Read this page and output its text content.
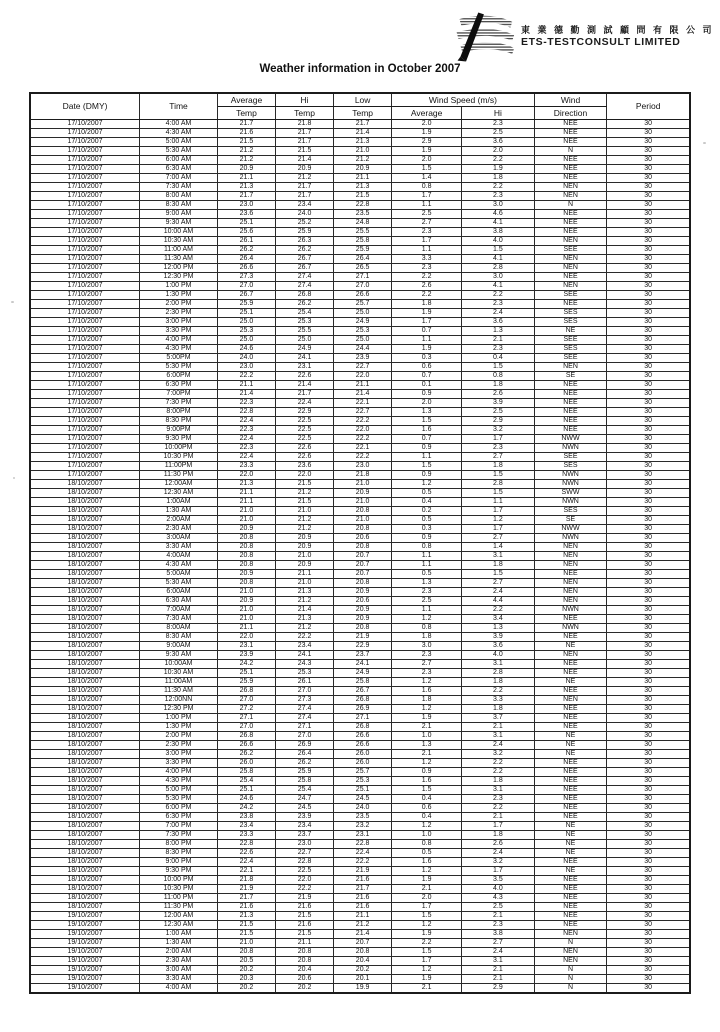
東 業 德 勤 測 試 顧 問 有 限 公 司
ETS-TESTCONSULT LIMITED
Weather information in October 2007
Date (DMY)	Time	Average	Hi	Low	Wind Speed (m/s)		Wind	Period
		Temp	Temp	Temp	Average	Hi	Direction	
17/10/2007	4:00 AM	21.7	21.8	21.7	2.0	2.3	NEE	30
17/10/2007	4:30 AM	21.6	21.7	21.4	1.9	2.5	NEE	30
17/10/2007	5:00 AM	21.5	21.7	21.3	2.9	3.6	NEE	30
17/10/2007	5:30 AM	21.2	21.5	21.0	1.9	2.0	N	30
17/10/2007	6:00 AM	21.2	21.4	21.2	2.0	2.2	NEE	30
17/10/2007	6:30 AM	20.9	20.9	20.9	1.5	1.9	NEE	30
17/10/2007	7:00 AM	21.1	21.2	21.1	1.4	1.8	NEE	30
17/10/2007	7:30 AM	21.3	21.7	21.3	0.8	2.2	NEN	30
17/10/2007	8:00 AM	21.7	21.7	21.5	1.7	2.3	NEN	30
17/10/2007	8:30 AM	23.0	23.4	22.8	1.1	3.0	N	30
17/10/2007	9:00 AM	23.6	24.0	23.5	2.5	4.6	NEE	30
17/10/2007	9:30 AM	25.1	25.2	24.8	2.7	4.1	NEE	30
17/10/2007	10:00 AM	25.6	25.9	25.5	2.3	3.8	NEE	30
17/10/2007	10:30 AM	26.1	26.3	25.8	1.7	4.0	NEN	30
17/10/2007	11:00 AM	26.2	26.2	25.9	1.1	1.5	SEE	30
17/10/2007	11:30 AM	26.4	26.7	26.4	3.3	4.1	NEN	30
17/10/2007	12:00 PM	26.6	26.7	26.5	2.3	2.8	NEN	30
17/10/2007	12:30 PM	27.3	27.4	27.1	2.2	3.0	NEE	30
17/10/2007	1:00 PM	27.0	27.4	27.0	2.6	4.1	NEN	30
17/10/2007	1:30 PM	26.7	26.8	26.6	2.2	2.2	SEE	30
17/10/2007	2:00 PM	25.9	26.2	25.7	1.8	2.3	NEE	30
17/10/2007	2:30 PM	25.1	25.4	25.0	1.9	2.4	SES	30
17/10/2007	3:00 PM	25.0	25.3	24.9	1.7	3.6	SES	30
17/10/2007	3:30 PM	25.3	25.5	25.3	0.7	1.3	NE	30
17/10/2007	4:00 PM	25.0	25.0	25.0	1.1	2.1	SEE	30
17/10/2007	4:30 PM	24.6	24.9	24.4	1.9	2.3	SES	30
17/10/2007	5:00PM	24.0	24.1	23.9	0.3	0.4	SEE	30
17/10/2007	5:30 PM	23.0	23.1	22.7	0.6	1.5	NEN	30
17/10/2007	6:00PM	22.2	22.6	22.0	0.7	0.8	SE	30
17/10/2007	6:30 PM	21.1	21.4	21.1	0.1	1.8	NEE	30
17/10/2007	7:00PM	21.4	21.7	21.4	0.9	2.6	NEE	30
17/10/2007	7:30 PM	22.3	22.4	22.1	2.0	3.9	NEE	30
17/10/2007	8:00PM	22.8	22.9	22.7	1.3	2.5	NEE	30
17/10/2007	8:30 PM	22.4	22.5	22.2	1.5	2.9	NEE	30
17/10/2007	9:00PM	22.3	22.5	22.0	1.6	3.2	NEE	30
17/10/2007	9:30 PM	22.4	22.5	22.2	0.7	1.7	NWW	30
17/10/2007	10:00PM	22.3	22.6	22.1	0.9	2.3	NWN	30
17/10/2007	10:30 PM	22.4	22.6	22.2	1.1	2.7	SEE	30
17/10/2007	11:00PM	23.3	23.6	23.0	1.5	1.8	SES	30
17/10/2007	11:30 PM	22.0	22.0	21.8	0.9	1.5	NWN	30
18/10/2007	12:00AM	21.3	21.5	21.0	1.2	2.8	NWN	30
18/10/2007	12:30 AM	21.1	21.2	20.9	0.5	1.5	SWW	30
18/10/2007	1:00AM	21.1	21.5	21.0	0.4	1.1	NWN	30
18/10/2007	1:30 AM	21.0	21.0	20.8	0.2	1.7	SES	30
18/10/2007	2:00AM	21.0	21.2	21.0	0.5	1.2	SE	30
18/10/2007	2:30 AM	20.9	21.2	20.8	0.3	1.7	NWW	30
18/10/2007	3:00AM	20.8	20.9	20.6	0.9	2.7	NWN	30
18/10/2007	3:30 AM	20.8	20.9	20.8	0.8	1.4	NEN	30
18/10/2007	4:00AM	20.8	21.0	20.7	1.1	3.1	NEN	30
18/10/2007	4:30 AM	20.8	20.9	20.7	1.1	1.8	NEN	30
18/10/2007	5:00AM	20.9	21.1	20.7	0.5	1.5	NEE	30
18/10/2007	5:30 AM	20.8	21.0	20.8	1.3	2.7	NEN	30
18/10/2007	6:00AM	21.0	21.3	20.9	2.3	2.4	NEN	30
18/10/2007	6:30 AM	20.9	21.2	20.6	2.5	4.4	NEN	30
18/10/2007	7:00AM	21.0	21.4	20.9	1.1	2.2	NWN	30
18/10/2007	7:30 AM	21.0	21.3	20.9	1.2	3.4	NEE	30
18/10/2007	8:00AM	21.1	21.2	20.8	0.8	1.3	NWN	30
18/10/2007	8:30 AM	22.0	22.2	21.9	1.8	3.9	NEE	30
18/10/2007	9:00AM	23.1	23.4	22.9	3.0	3.6	NE	30
18/10/2007	9:30 AM	23.9	24.1	23.7	2.3	4.0	NEN	30
18/10/2007	10:00AM	24.2	24.3	24.1	2.7	3.1	NEE	30
18/10/2007	10:30 AM	25.1	25.3	24.9	2.3	2.8	NEE	30
18/10/2007	11:00AM	25.9	26.1	25.8	1.2	1.8	NE	30
18/10/2007	11:30 AM	26.8	27.0	26.7	1.6	2.2	NEE	30
18/10/2007	12:00NN	27.0	27.3	26.8	1.8	3.3	NEN	30
18/10/2007	12:30 PM	27.2	27.4	26.9	1.2	1.8	NEE	30
18/10/2007	1:00 PM	27.1	27.4	27.1	1.9	3.7	NEE	30
18/10/2007	1:30 PM	27.0	27.1	26.8	2.1	2.1	NEE	30
18/10/2007	2:00 PM	26.8	27.0	26.6	1.0	3.1	NE	30
18/10/2007	2:30 PM	26.6	26.9	26.6	1.3	2.4	NE	30
18/10/2007	3:00 PM	26.2	26.4	26.0	2.1	3.2	NE	30
18/10/2007	3:30 PM	26.0	26.2	26.0	1.2	2.2	NEE	30
18/10/2007	4:00 PM	25.8	25.9	25.7	0.9	2.2	NEE	30
18/10/2007	4:30 PM	25.4	25.8	25.3	1.6	1.8	NEE	30
18/10/2007	5:00 PM	25.1	25.4	25.1	1.5	3.1	NEE	30
18/10/2007	5:30 PM	24.6	24.7	24.5	0.4	2.3	NEE	30
18/10/2007	6:00 PM	24.2	24.5	24.0	0.6	2.2	NEE	30
18/10/2007	6:30 PM	23.8	23.9	23.5	0.4	2.1	NEE	30
18/10/2007	7:00 PM	23.4	23.4	23.2	1.2	1.7	NE	30
18/10/2007	7:30 PM	23.3	23.7	23.1	1.0	1.8	NE	30
18/10/2007	8:00 PM	22.8	23.0	22.8	0.8	2.6	NE	30
18/10/2007	8:30 PM	22.6	22.7	22.4	0.5	2.4	NE	30
18/10/2007	9:00 PM	22.4	22.8	22.2	1.6	3.2	NEE	30
18/10/2007	9:30 PM	22.1	22.5	21.9	1.2	1.7	NE	30
18/10/2007	10:00 PM	21.8	22.0	21.6	1.9	3.5	NEE	30
18/10/2007	10:30 PM	21.9	22.2	21.7	2.1	4.0	NEE	30
18/10/2007	11:00 PM	21.7	21.9	21.6	2.0	4.3	NEE	30
18/10/2007	11:30 PM	21.6	21.6	21.6	1.7	2.5	NEE	30
19/10/2007	12:00 AM	21.3	21.5	21.1	1.5	2.1	NEE	30
19/10/2007	12:30 AM	21.5	21.6	21.2	1.2	2.3	NEE	30
19/10/2007	1:00 AM	21.5	21.5	21.4	1.9	3.8	NEN	30
19/10/2007	1:30 AM	21.0	21.1	20.7	2.2	2.7	N	30
19/10/2007	2:00 AM	20.8	20.8	20.8	1.5	2.4	NEN	30
19/10/2007	2:30 AM	20.5	20.8	20.4	1.7	3.1	NEN	30
19/10/2007	3:00 AM	20.2	20.4	20.2	1.2	2.1	N	30
19/10/2007	3:30 AM	20.3	20.6	20.1	1.9	2.1	N	30
19/10/2007	4:00 AM	20.2	20.2	19.9	2.1	2.9	N	30
